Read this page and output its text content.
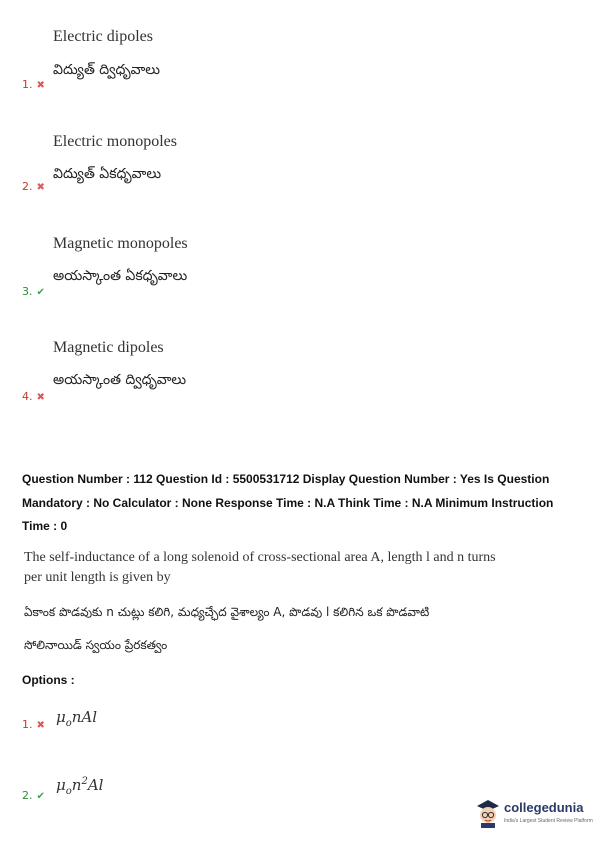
Electric dipoles
విద్యుత్ ద్విధృవాలు
1. ✖
Electric monopoles
విద్యుత్ ఏకధృవాలు
2. ✖
Magnetic monopoles
అయస్కాంత ఏకధృవాలు
3. ✔
Magnetic dipoles
అయస్కాంత ద్విధృవాలు
4. ✖
Question Number : 112 Question Id : 5500531712 Display Question Number : Yes Is Question
Mandatory : No Calculator : None Response Time : N.A Think Time : N.A Minimum Instruction
Time : 0
The self-inductance of a long solenoid of cross-sectional area A, length l and n turns
per unit length is given by
ఏకాంక పొడవుకు n చుట్లు కలిగి, మధ్యచ్ఛేద వైశాల్యం A, పొడవు l కలిగిన ఒక పొడవాటి
సోలినాయిడ్ స్వయం ప్రేరకత్వం
Options :
1. ✖ $\mu_onAl$
2. ✔
$\mu_on^2Al$
collegedunia
India's Largest Student Review Platform
